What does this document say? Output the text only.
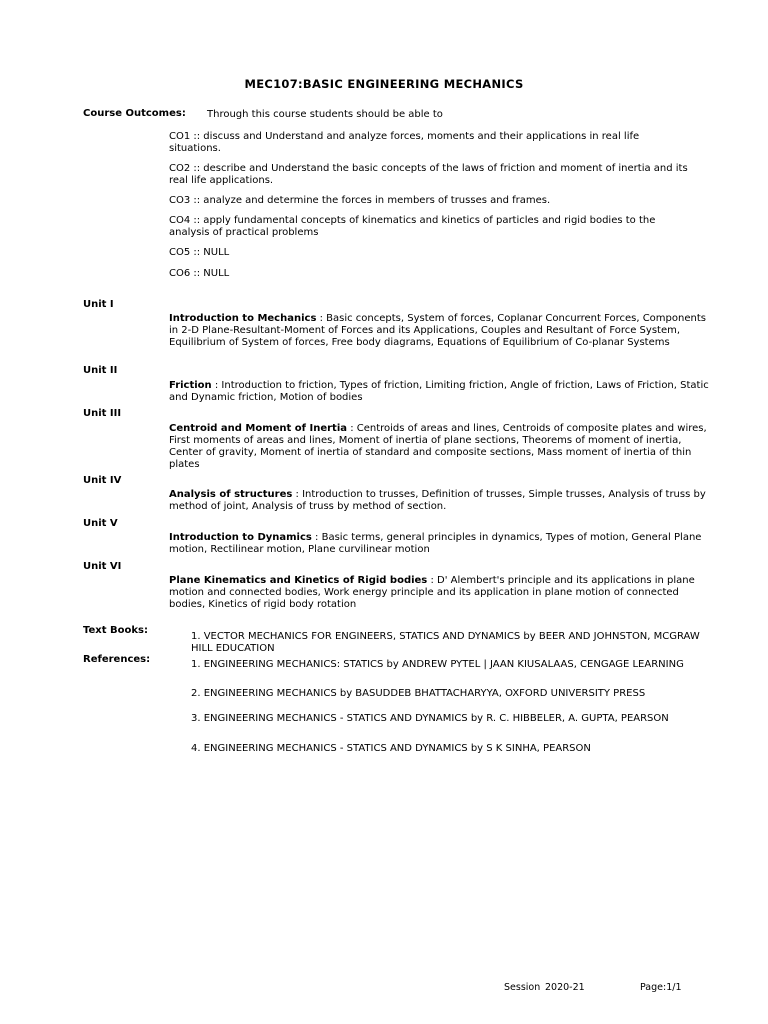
MEC107:BASIC ENGINEERING MECHANICS
Course Outcomes: Through this course students should be able to
CO1 :: discuss and Understand and analyze forces, moments and their applications in real life situations.
CO2 :: describe and Understand the basic concepts of the laws of friction and moment of inertia and its real life applications.
CO3 :: analyze and determine the forces in members of trusses and frames.
CO4 :: apply fundamental concepts of kinematics and kinetics of particles and rigid bodies to the analysis of practical problems
CO5 :: NULL
CO6 :: NULL
Unit I
Introduction to Mechanics : Basic concepts, System of forces, Coplanar Concurrent Forces, Components in 2-D Plane-Resultant-Moment of Forces and its Applications, Couples and Resultant of Force System, Equilibrium of System of forces, Free body diagrams, Equations of Equilibrium of Co-planar Systems
Unit II
Friction : Introduction to friction, Types of friction, Limiting friction, Angle of friction, Laws of Friction, Static and Dynamic friction, Motion of bodies
Unit III
Centroid and Moment of Inertia : Centroids of areas and lines, Centroids of composite plates and wires, First moments of areas and lines, Moment of inertia of plane sections, Theorems of moment of inertia, Center of gravity, Moment of inertia of standard and composite sections, Mass moment of inertia of thin plates
Unit IV
Analysis of structures : Introduction to trusses, Definition of trusses, Simple trusses, Analysis of truss by method of joint, Analysis of truss by method of section.
Unit V
Introduction to Dynamics : Basic terms, general principles in dynamics, Types of motion, General Plane motion, Rectilinear motion, Plane curvilinear motion
Unit VI
Plane Kinematics and Kinetics of Rigid bodies : D' Alembert's principle and its applications in plane motion and connected bodies, Work energy principle and its application in plane motion of connected bodies, Kinetics of rigid body rotation
Text Books:
1. VECTOR MECHANICS FOR ENGINEERS, STATICS AND DYNAMICS by BEER AND JOHNSTON, MCGRAW HILL EDUCATION
References:	1. ENGINEERING MECHANICS: STATICS by ANDREW PYTEL | JAAN KIUSALAAS, CENGAGE LEARNING
2. ENGINEERING MECHANICS by BASUDDEB BHATTACHARYYA, OXFORD UNIVERSITY PRESS
3. ENGINEERING MECHANICS - STATICS AND DYNAMICS by R. C. HIBBELER, A. GUPTA, PEARSON
4. ENGINEERING MECHANICS - STATICS AND DYNAMICS by S K SINHA, PEARSON
Session 2020-21	Page:1/1
